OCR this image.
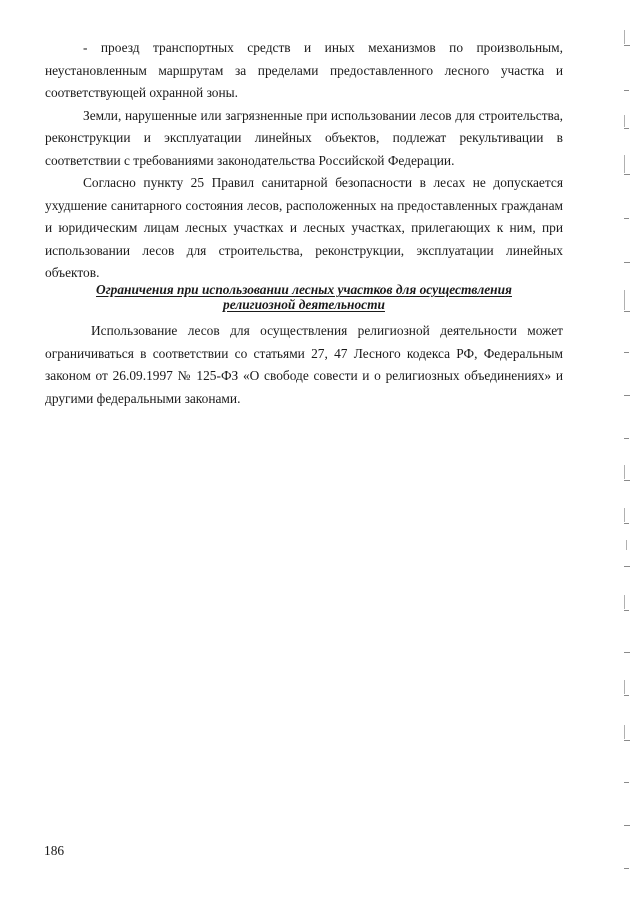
- проезд транспортных средств и иных механизмов по произвольным, неустановленным маршрутам за пределами предоставленного лесного участка и соответствующей охранной зоны.

Земли, нарушенные или загрязненные при использовании лесов для строительства, реконструкции и эксплуатации линейных объектов, подлежат рекультивации в соответствии с требованиями законодательства Российской Федерации.

Согласно пункту 25 Правил санитарной безопасности в лесах не допускается ухудшение санитарного состояния лесов, расположенных на предоставленных гражданам и юридическим лицам лесных участках и лесных участках, прилегающих к ним, при использовании лесов для строительства, реконструкции, эксплуатации линейных объектов.

Ограничения при использовании лесных участков для осуществления
религиозной деятельности

Использование лесов для осуществления религиозной деятельности может ограничиваться в соответствии со статьями 27, 47 Лесного кодекса РФ, Федеральным законом от 26.09.1997 № 125-ФЗ «О свободе совести и о религиозных объединениях» и другими федеральными законами.

186
